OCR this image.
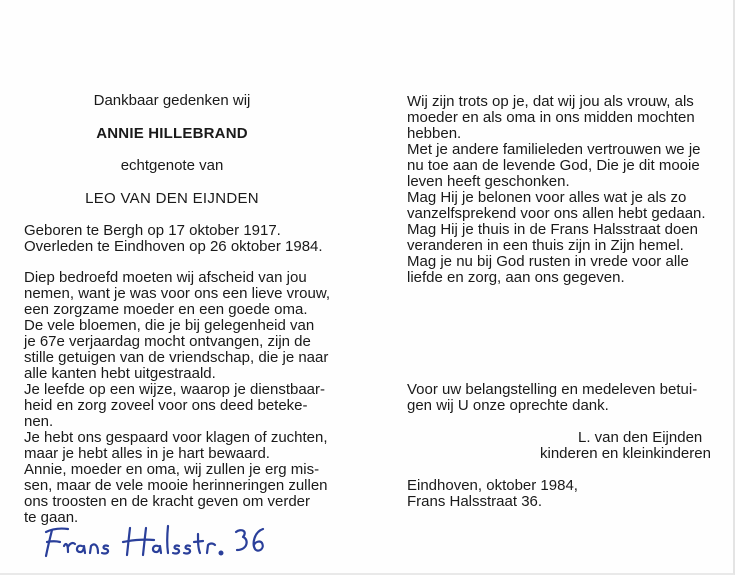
Dankbaar gedenken wij
ANNIE HILLEBRAND
echtgenote van
LEO VAN DEN EIJNDEN
Geboren te Bergh op 17 oktober 1917.
Overleden te Eindhoven op 26 oktober 1984.
Diep bedroefd moeten wij afscheid van jou
nemen, want je was voor ons een lieve vrouw,
een zorgzame moeder en een goede oma.
De vele bloemen, die je bij gelegenheid van
je 67e verjaardag mocht ontvangen, zijn de
stille getuigen van de vriendschap, die je naar
alle kanten hebt uitgestraald.
Je leefde op een wijze, waarop je dienstbaar-
heid en zorg zoveel voor ons deed beteke-
nen.
Je hebt ons gespaard voor klagen of zuchten,
maar je hebt alles in je hart bewaard.
Annie, moeder en oma, wij zullen je erg mis-
sen, maar de vele mooie herinneringen zullen
ons troosten en de kracht geven om verder
te gaan.
Wij zijn trots op je, dat wij jou als vrouw, als
moeder en als oma in ons midden mochten
hebben.
Met je andere familieleden vertrouwen we je
nu toe aan de levende God, Die je dit mooie
leven heeft geschonken.
Mag Hij je belonen voor alles wat je als zo
vanzelfsprekend voor ons allen hebt gedaan.
Mag Hij je thuis in de Frans Halsstraat doen
veranderen in een thuis zijn in Zijn hemel.
Mag je nu bij God rusten in vrede voor alle
liefde en zorg, aan ons gegeven.
Voor uw belangstelling en medeleven betui-
gen wij U onze oprechte dank.
L. van den Eijnden
kinderen en kleinkinderen
Eindhoven, oktober 1984,
Frans Halsstraat 36.
